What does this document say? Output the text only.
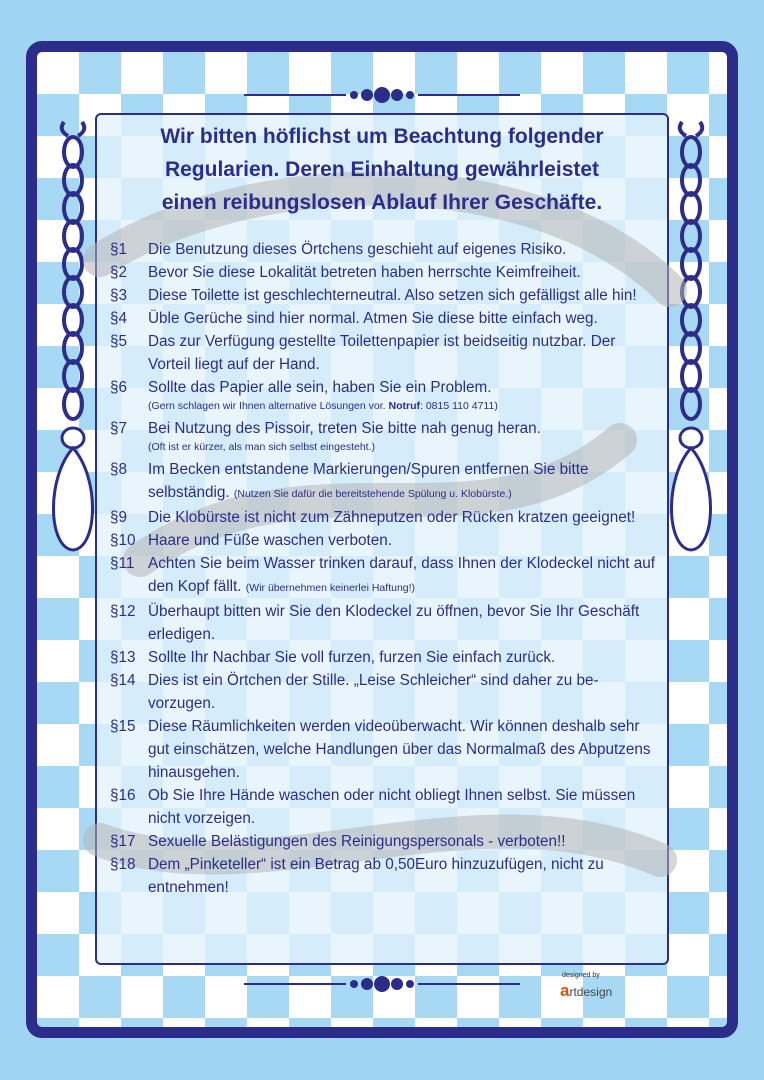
Wir bitten höflichst um Beachtung folgender
Regularien. Deren Einhaltung gewährleistet
einen reibungslosen Ablauf Ihrer Geschäfte.
§1	Die Benutzung dieses Örtchens geschieht auf eigenes Risiko.
§2	Bevor Sie diese Lokalität betreten haben herrschte Keimfreiheit.
§3	Diese Toilette ist geschlechterneutral. Also setzen sich gefälligst alle hin!
§4	Üble Gerüche sind hier normal. Atmen Sie diese bitte einfach weg.
§5	Das zur Verfügung gestellte Toilettenpapier ist beidseitig nutzbar. Der Vorteil liegt auf der Hand.
§6	Sollte das Papier alle sein, haben Sie ein Problem.
(Gern schlagen wir Ihnen alternative Lösungen vor. Notruf: 0815 110 4711)
§7	Bei Nutzung des Pissoir, treten Sie bitte nah genug heran.
(Oft ist er kürzer, als man sich selbst eingesteht.)
§8	Im Becken entstandene Markierungen/Spuren entfernen Sie bitte selbständig. (Nutzen Sie dafür die bereitstehende Spülung u. Klobürste.)
§9	Die Klobürste ist nicht zum Zähneputzen oder Rücken kratzen geeignet!
§10 Haare und Füße waschen verboten.
§11 Achten Sie beim Wasser trinken darauf, dass Ihnen der Klodeckel nicht auf den Kopf fällt. (Wir übernehmen keinerlei Haftung!)
§12 Überhaupt bitten wir Sie den Klodeckel zu öffnen, bevor Sie Ihr Geschäft erledigen.
§13 Sollte Ihr Nachbar Sie voll furzen, furzen Sie einfach zurück.
§14 Dies ist ein Örtchen der Stille. „Leise Schleicher“ sind daher zu be-vorzugen.
§15 Diese Räumlichkeiten werden videoüberwacht. Wir können deshalb sehr gut einschätzen, welche Handlungen über das Normalmaß des Abputzens hinausgehen.
§16 Ob Sie Ihre Hände waschen oder nicht obliegt Ihnen selbst. Sie müssen nicht vorzeigen.
§17 Sexuelle Belästigungen des Reinigungspersonals - verboten!!
§18 Dem „Pinketeller“ ist ein Betrag ab 0,50Euro hinzuzufügen, nicht zu entnehmen!
designed by
artdesign
